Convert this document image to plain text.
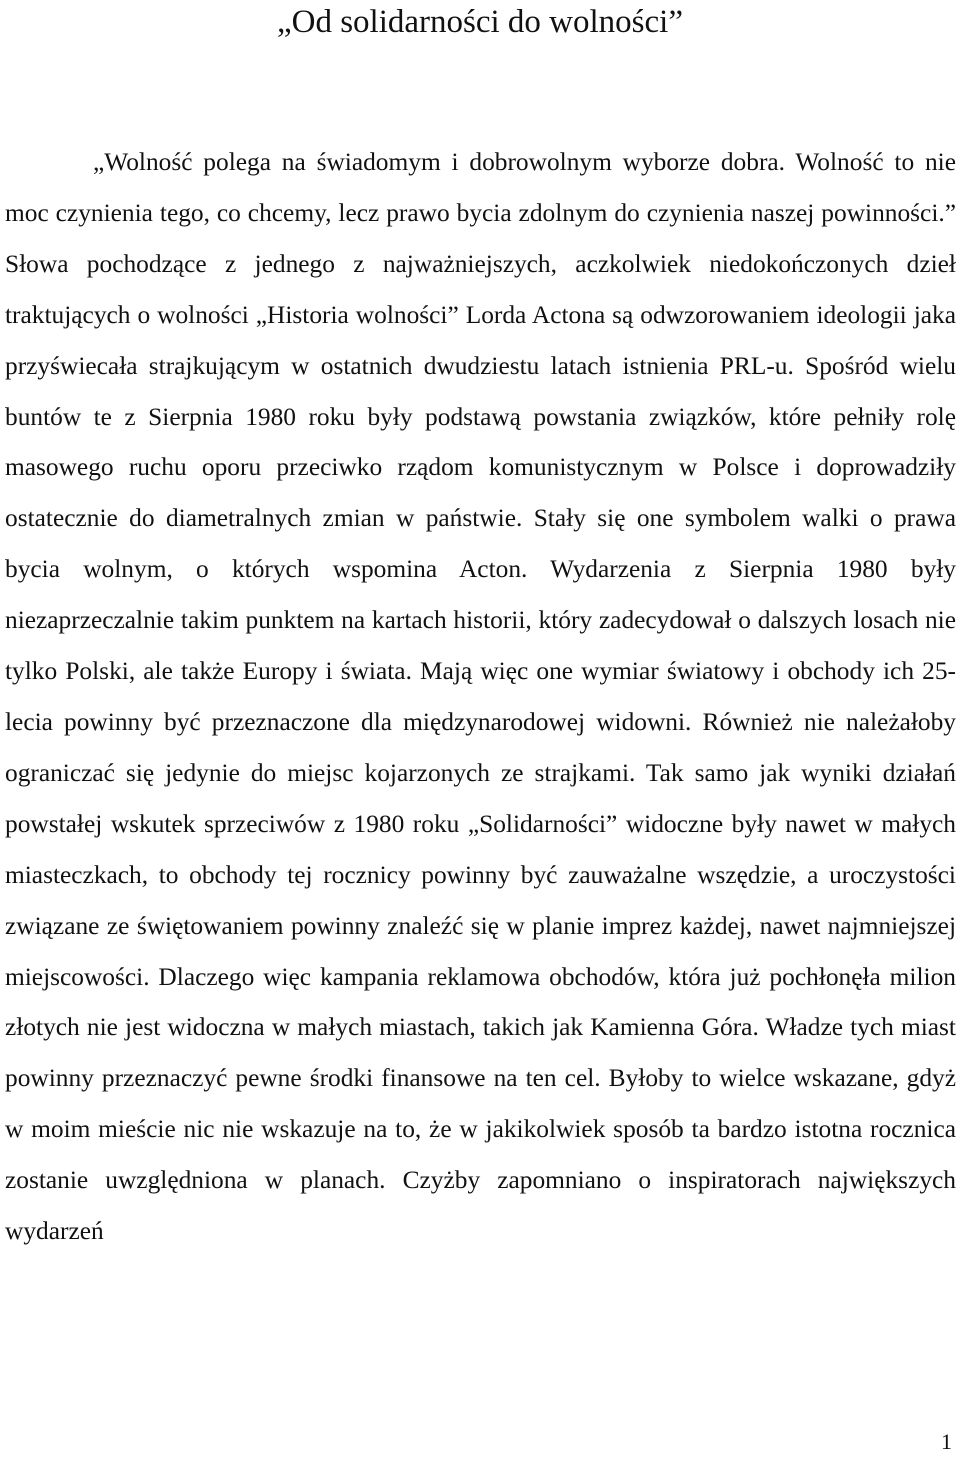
„Od solidarności do wolności”

„Wolność polega na świadomym i dobrowolnym wyborze dobra. Wolność to nie moc czynienia tego, co chcemy, lecz prawo bycia zdolnym do czynienia naszej powinności.” Słowa pochodzące z jednego z najważniejszych, aczkolwiek niedokończonych dzieł traktujących o wolności „Historia wolności” Lorda Actona są odwzorowaniem ideologii jaka przyświecała strajkującym w ostatnich dwudziestu latach istnienia PRL-u. Spośród wielu buntów te z Sierpnia 1980 roku były podstawą powstania związków, które pełniły rolę masowego ruchu oporu przeciwko rządom komunistycznym w Polsce i doprowadziły ostatecznie do diametralnych zmian w państwie. Stały się one symbolem walki o prawa bycia wolnym, o których wspomina Acton. Wydarzenia z Sierpnia 1980 były niezaprzeczalnie takim punktem na kartach historii, który zadecydował o dalszych losach nie tylko Polski, ale także Europy i świata. Mają więc one wymiar światowy i obchody ich 25-lecia powinny być przeznaczone dla międzynarodowej widowni. Również nie należałoby ograniczać się jedynie do miejsc kojarzonych ze strajkami. Tak samo jak wyniki działań powstałej wskutek sprzeciwów z 1980 roku „Solidarności” widoczne były nawet w małych miasteczkach, to obchody tej rocznicy powinny być zauważalne wszędzie, a uroczystości związane ze świętowaniem powinny znaleźć się w planie imprez każdej, nawet najmniejszej miejscowości. Dlaczego więc kampania reklamowa obchodów, która już pochłonęła milion złotych nie jest widoczna w małych miastach, takich jak Kamienna Góra. Władze tych miast powinny przeznaczyć pewne środki finansowe na ten cel. Byłoby to wielce wskazane, gdyż w moim mieście nic nie wskazuje na to, że w jakikolwiek sposób ta bardzo istotna rocznica zostanie uwzględniona w planach. Czyżby zapomniano o inspiratorach największych wydarzeń

1
